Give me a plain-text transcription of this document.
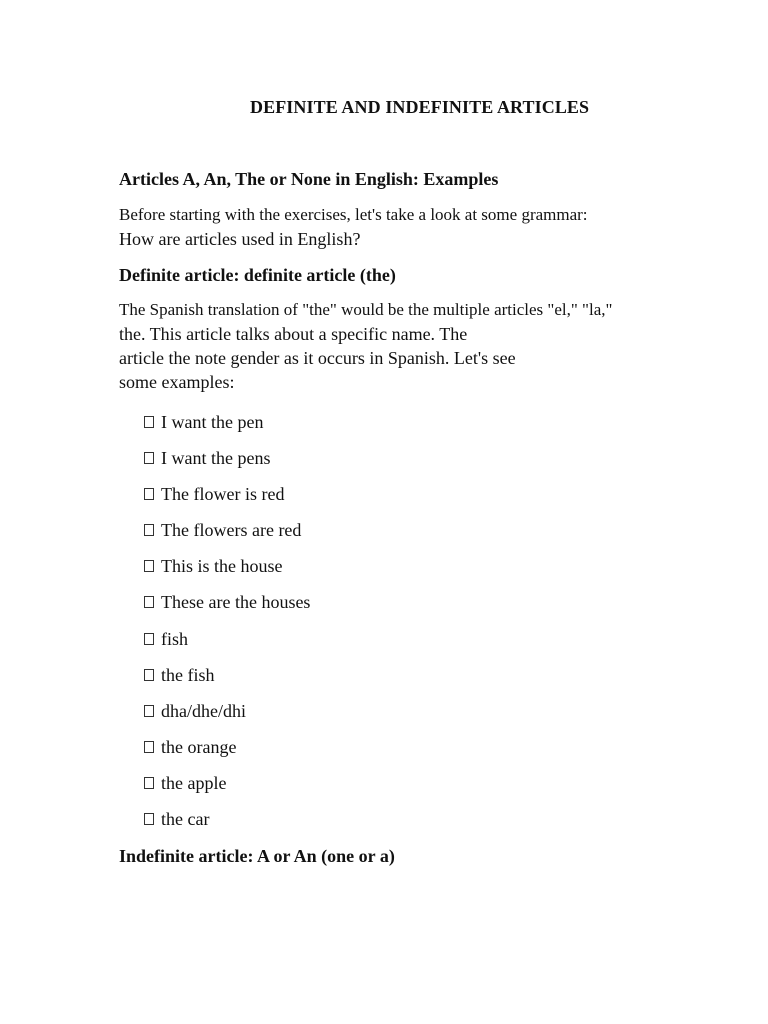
DEFINITE AND INDEFINITE ARTICLES
Articles A, An, The or None in English: Examples
Before starting with the exercises, let's take a look at some grammar:
How are articles used in English?
Definite article: definite article (the)
The Spanish translation of "the" would be the multiple articles "el," "la,"
the. This article talks about a specific name. The
article the note gender as it occurs in Spanish. Let's see
some examples:
I want the pen
I want the pens
The flower is red
The flowers are red
This is the house
These are the houses
fish
the fish
dha/dhe/dhi
the orange
the apple
the car
Indefinite article: A or An (one or a)
